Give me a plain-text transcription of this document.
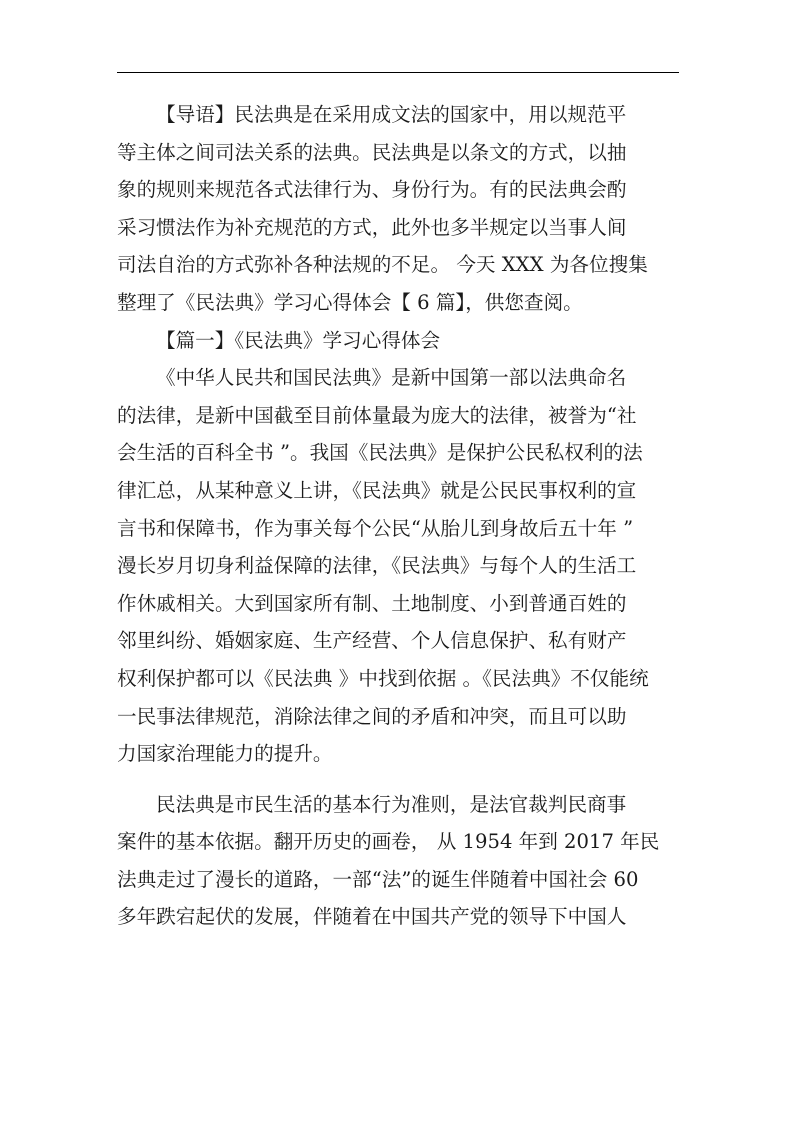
【导语】民法典是在采用成文法的国家中，用以规范平
等主体之间司法关系的法典。民法典是以条文的方式，以抽
象的规则来规范各式法律行为、身份行为。有的民法典会酌
采习惯法作为补充规范的方式，此外也多半规定以当事人间
司法自治的方式弥补各种法规的不足。 今天 XXX 为各位搜集
整理了《民法典》学习心得体会【 6 篇】，供您查阅。
【篇一】《民法典》学习心得体会
《中华人民共和国民法典》是新中国第一部以法典命名
的法律，是新中国截至目前体量最为庞大的法律，被誉为“社
会生活的百科全书 ”。我国《民法典》是保护公民私权利的法
律汇总，从某种意义上讲，《民法典》就是公民民事权利的宣
言书和保障书，作为事关每个公民“从胎儿到身故后五十年 ”
漫长岁月切身利益保障的法律，《民法典》与每个人的生活工
作休戚相关。大到国家所有制、土地制度、小到普通百姓的
邻里纠纷、婚姻家庭、生产经营、个人信息保护、私有财产
权利保护都可以《民法典 》中找到依据 。《民法典》不仅能统
一民事法律规范，消除法律之间的矛盾和冲突，而且可以助
力国家治理能力的提升。
民法典是市民生活的基本行为准则，是法官裁判民商事
案件的基本依据。翻开历史的画卷， 从 1954 年到 2017 年民
法典走过了漫长的道路，一部“法”的诞生伴随着中国社会 60
多年跌宕起伏的发展，伴随着在中国共产党的领导下中国人
